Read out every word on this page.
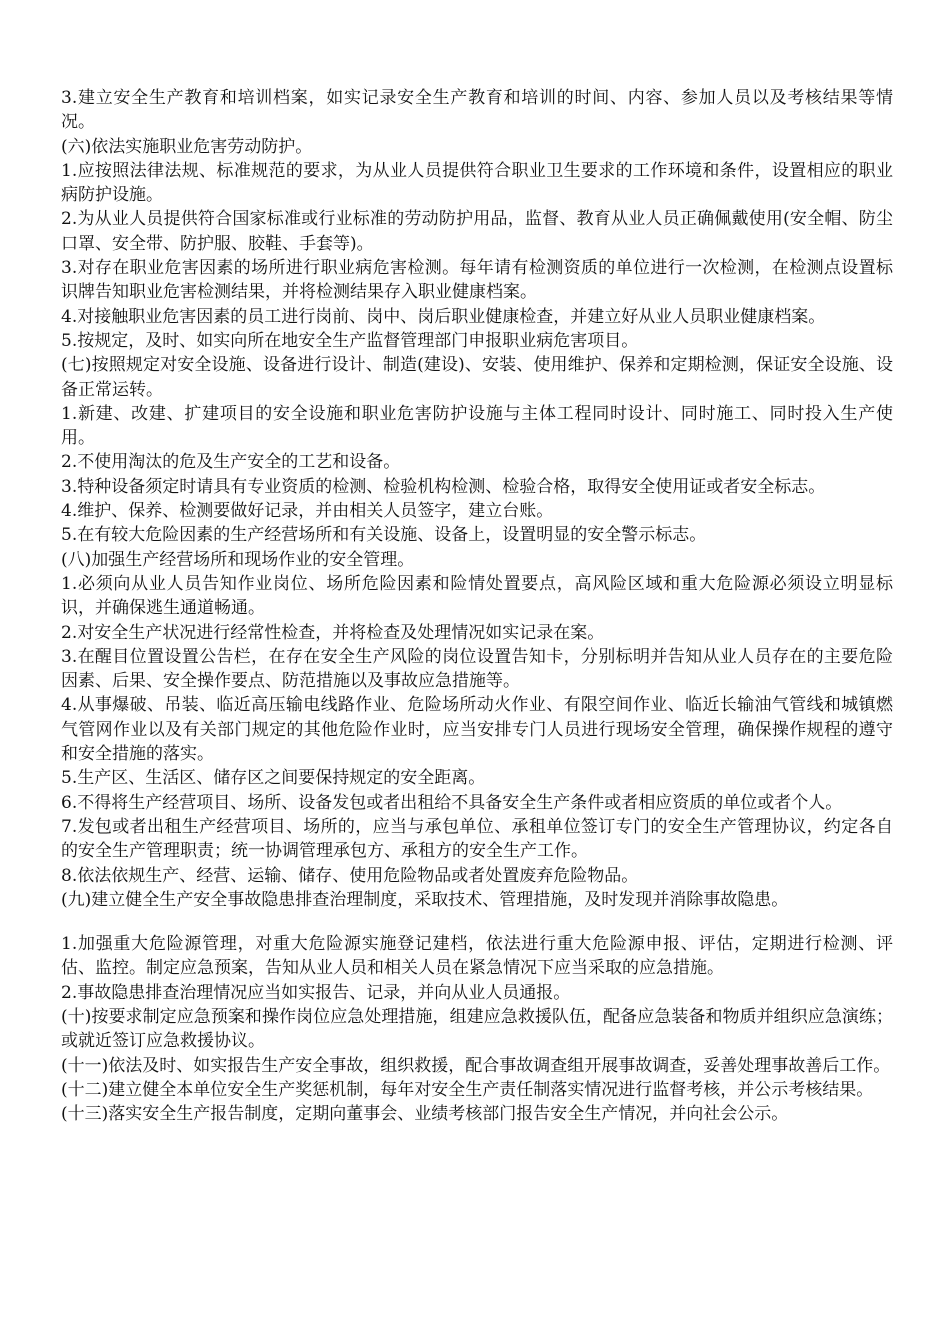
3.建立安全生产教育和培训档案，如实记录安全生产教育和培训的时间、内容、参加人员以及考核结果等情况。

(六)依法实施职业危害劳动防护。

1.应按照法律法规、标准规范的要求，为从业人员提供符合职业卫生要求的工作环境和条件，设置相应的职业病防护设施。

2.为从业人员提供符合国家标准或行业标准的劳动防护用品，监督、教育从业人员正确佩戴使用(安全帽、防尘口罩、安全带、防护服、胶鞋、手套等)。

3.对存在职业危害因素的场所进行职业病危害检测。每年请有检测资质的单位进行一次检测，在检测点设置标识牌告知职业危害检测结果，并将检测结果存入职业健康档案。

4.对接触职业危害因素的员工进行岗前、岗中、岗后职业健康检查，并建立好从业人员职业健康档案。

5.按规定，及时、如实向所在地安全生产监督管理部门申报职业病危害项目。

(七)按照规定对安全设施、设备进行设计、制造(建设)、安装、使用维护、保养和定期检测，保证安全设施、设备正常运转。

1.新建、改建、扩建项目的安全设施和职业危害防护设施与主体工程同时设计、同时施工、同时投入生产使用。

2.不使用淘汰的危及生产安全的工艺和设备。

3.特种设备须定时请具有专业资质的检测、检验机构检测、检验合格，取得安全使用证或者安全标志。

4.维护、保养、检测要做好记录，并由相关人员签字，建立台账。

5.在有较大危险因素的生产经营场所和有关设施、设备上，设置明显的安全警示标志。

(八)加强生产经营场所和现场作业的安全管理。

1.必须向从业人员告知作业岗位、场所危险因素和险情处置要点，高风险区域和重大危险源必须设立明显标识，并确保逃生通道畅通。

2.对安全生产状况进行经常性检查，并将检查及处理情况如实记录在案。

3.在醒目位置设置公告栏，在存在安全生产风险的岗位设置告知卡，分别标明并告知从业人员存在的主要危险因素、后果、安全操作要点、防范措施以及事故应急措施等。

4.从事爆破、吊装、临近高压输电线路作业、危险场所动火作业、有限空间作业、临近长输油气管线和城镇燃气管网作业以及有关部门规定的其他危险作业时，应当安排专门人员进行现场安全管理，确保操作规程的遵守和安全措施的落实。

5.生产区、生活区、储存区之间要保持规定的安全距离。

6.不得将生产经营项目、场所、设备发包或者出租给不具备安全生产条件或者相应资质的单位或者个人。

7.发包或者出租生产经营项目、场所的，应当与承包单位、承租单位签订专门的安全生产管理协议，约定各自的安全生产管理职责；统一协调管理承包方、承租方的安全生产工作。

8.依法依规生产、经营、运输、储存、使用危险物品或者处置废弃危险物品。

(九)建立健全生产安全事故隐患排查治理制度，采取技术、管理措施，及时发现并消除事故隐患。

1.加强重大危险源管理，对重大危险源实施登记建档，依法进行重大危险源申报、评估，定期进行检测、评估、监控。制定应急预案，告知从业人员和相关人员在紧急情况下应当采取的应急措施。

2.事故隐患排查治理情况应当如实报告、记录，并向从业人员通报。

(十)按要求制定应急预案和操作岗位应急处理措施，组建应急救援队伍，配备应急装备和物质并组织应急演练；或就近签订应急救援协议。

(十一)依法及时、如实报告生产安全事故，组织救援，配合事故调查组开展事故调查，妥善处理事故善后工作。

(十二)建立健全本单位安全生产奖惩机制，每年对安全生产责任制落实情况进行监督考核，并公示考核结果。

(十三)落实安全生产报告制度，定期向董事会、业绩考核部门报告安全生产情况，并向社会公示。
